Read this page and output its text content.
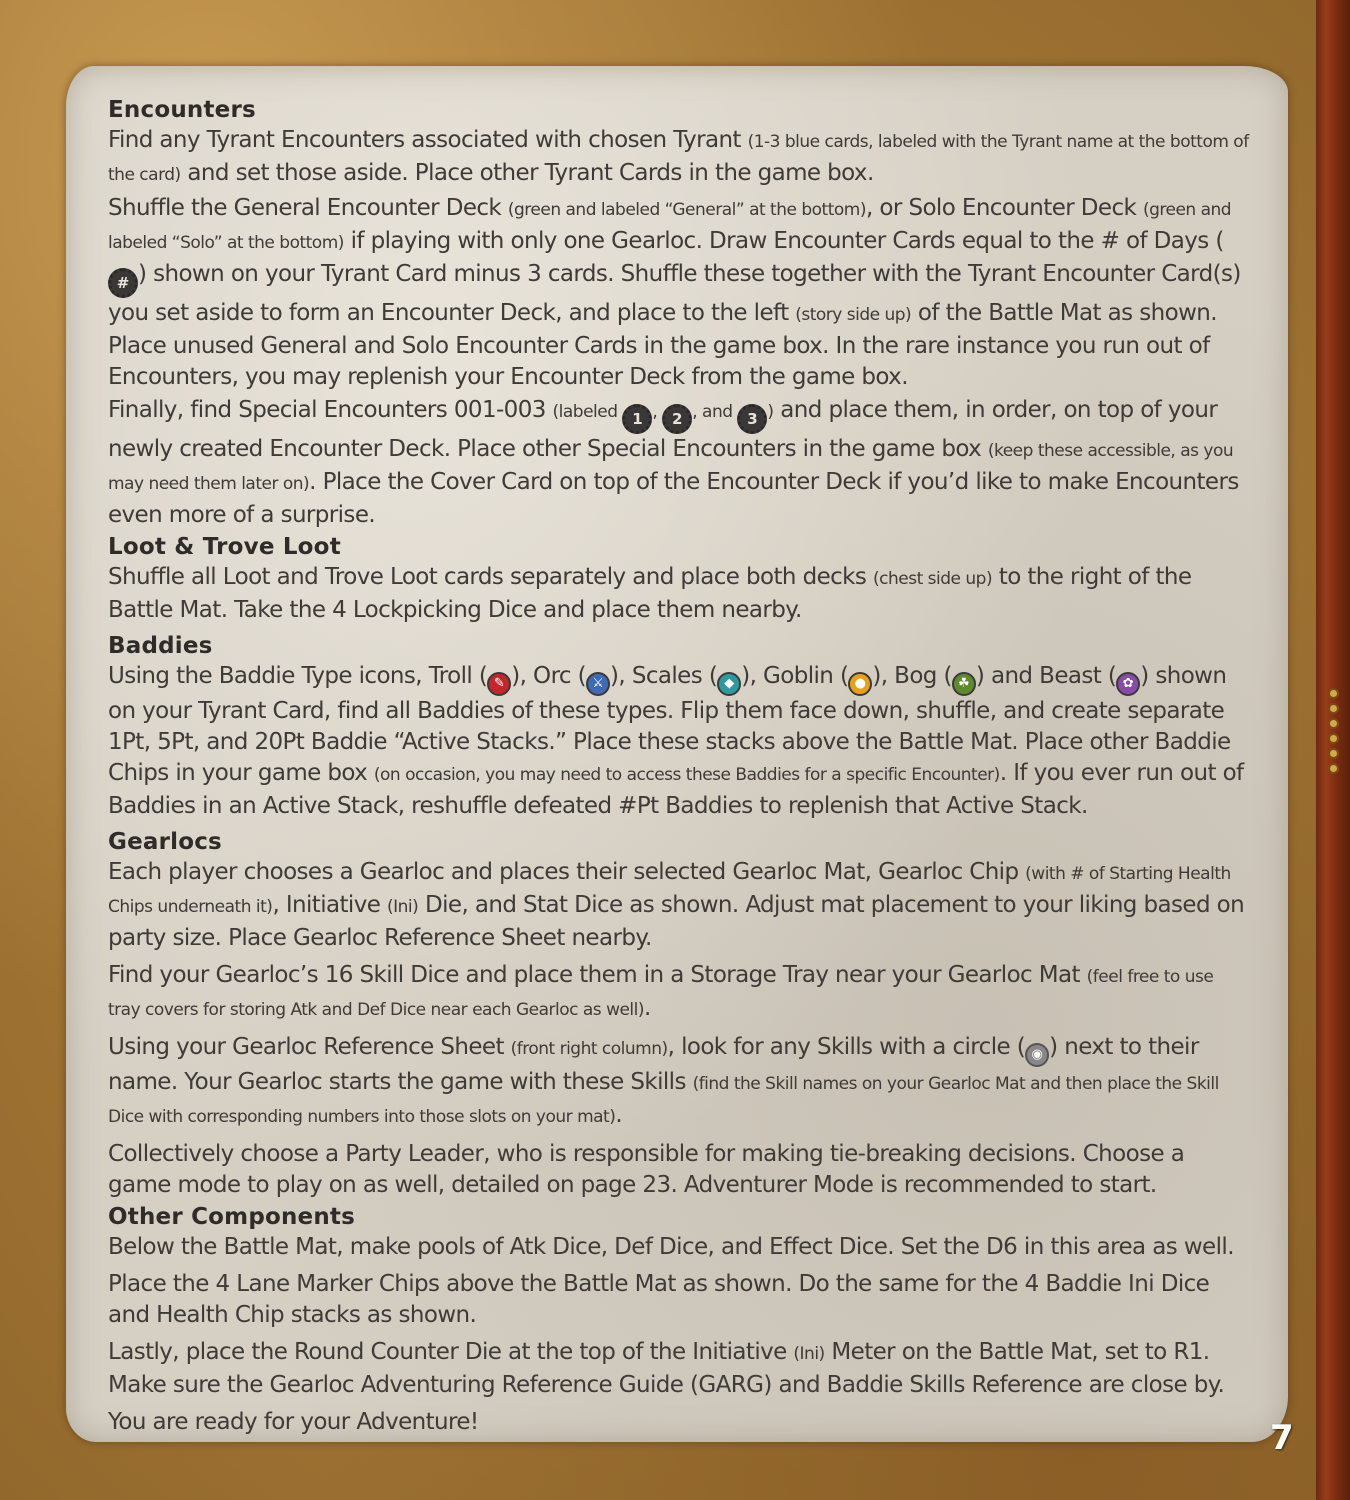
Encounters

Find any Tyrant Encounters associated with chosen Tyrant (1-3 blue cards, labeled with the Tyrant name at the bottom of the card) and set those aside. Place other Tyrant Cards in the game box.

Shuffle the General Encounter Deck (green and labeled “General” at the bottom), or Solo Encounter Deck (green and labeled “Solo” at the bottom) if playing with only one Gearloc. Draw Encounter Cards equal to the # of Days (# ) shown on your Tyrant Card minus 3 cards. Shuffle these together with the Tyrant Encounter Card(s) you set aside to form an Encounter Deck, and place to the left (story side up) of the Battle Mat as shown. Place unused General and Solo Encounter Cards in the game box. In the rare instance you run out of Encounters, you may replenish your Encounter Deck from the game box.

Finally, find Special Encounters 001-003 (labeled 1 , 2 , and 3 ) and place them, in order, on top of your newly created Encounter Deck. Place other Special Encounters in the game box (keep these accessible, as you may need them later on). Place the Cover Card on top of the Encounter Deck if you’d like to make Encounters even more of a surprise.

Loot & Trove Loot

Shuffle all Loot and Trove Loot cards separately and place both decks (chest side up) to the right of the Battle Mat. Take the 4 Lockpicking Dice and place them nearby.

Baddies

Using the Baddie Type icons, Troll ( ✎ ), Orc ( ⚔ ), Scales ( ◆ ), Goblin ( ● ), Bog ( ☘ ) and Beast ( ✿ ) shown on your Tyrant Card, find all Baddies of these types. Flip them face down, shuffle, and create separate 1Pt, 5Pt, and 20Pt Baddie “Active Stacks.” Place these stacks above the Battle Mat. Place other Baddie Chips in your game box (on occasion, you may need to access these Baddies for a specific Encounter). If you ever run out of Baddies in an Active Stack, reshuffle defeated #Pt Baddies to replenish that Active Stack.

Gearlocs

Each player chooses a Gearloc and places their selected Gearloc Mat, Gearloc Chip (with # of Starting Health Chips underneath it), Initiative (Ini) Die, and Stat Dice as shown. Adjust mat placement to your liking based on party size. Place Gearloc Reference Sheet nearby.

Find your Gearloc’s 16 Skill Dice and place them in a Storage Tray near your Gearloc Mat (feel free to use tray covers for storing Atk and Def Dice near each Gearloc as well).

Using your Gearloc Reference Sheet (front right column), look for any Skills with a circle ( ◉ ) next to their name. Your Gearloc starts the game with these Skills (find the Skill names on your Gearloc Mat and then place the Skill Dice with corresponding numbers into those slots on your mat).

Collectively choose a Party Leader, who is responsible for making tie-breaking decisions. Choose a game mode to play on as well, detailed on page 23. Adventurer Mode is recommended to start.

Other Components

Below the Battle Mat, make pools of Atk Dice, Def Dice, and Effect Dice. Set the D6 in this area as well.

Place the 4 Lane Marker Chips above the Battle Mat as shown. Do the same for the 4 Baddie Ini Dice and Health Chip stacks as shown.

Lastly, place the Round Counter Die at the top of the Initiative (Ini) Meter on the Battle Mat, set to R1. Make sure the Gearloc Adventuring Reference Guide (GARG) and Baddie Skills Reference are close by.

You are ready for your Adventure!	7
